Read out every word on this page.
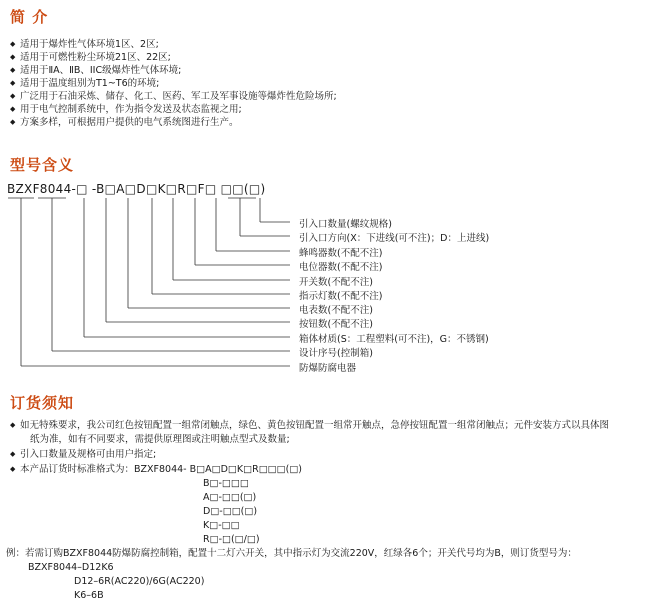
简 介
◆ 适用于爆炸性气体环境1区、2区;
◆ 适用于可燃性粉尘环境21区、22区;
◆ 适用于ⅡA、ⅡB、IIC级爆炸性气体环境;
◆ 适用于温度组别为T1~T6的环境;
◆ 广泛用于石油采炼、储存、化工、医药、军工及军事设施等爆炸性危险场所;
◆ 用于电气控制系统中，作为指令发送及状态监视之用;
◆ 方案多样，可根据用户提供的电气系统图进行生产。
型号含义
BZXF8044-□ -B□A□D□K□R□F□ □□(□)
引入口数量(螺纹规格)
引入口方向(X：下进线(可不注)；D：上进线)
蜂鸣器数(不配不注)
电位器数(不配不注)
开关数(不配不注)
指示灯数(不配不注)
电表数(不配不注)
按钮数(不配不注)
箱体材质(S：工程塑料(可不注)，G：不锈钢)
设计序号(控制箱)
防爆防腐电器
订货须知
◆ 如无特殊要求，我公司红色按钮配置一组常闭触点，绿色、黄色按钮配置一组常开触点，急停按钮配置一组常闭触点；元件安装方式以具体图
纸为准，如有不同要求，需提供原理图或注明触点型式及数量;
◆ 引入口数量及规格可由用户指定;
◆ 本产品订货时标准格式为：BZXF8044- B□A□D□K□R□□□(□)
B□-□□□
A□-□□(□)
D□-□□(□)
K□-□□
R□-□(□/□)
例：若需订购BZXF8044防爆防腐控制箱，配置十二灯六开关，其中指示灯为交流220V，红绿各6个；开关代号均为B，则订货型号为：
BZXF8044–D12K6
D12–6R(AC220)/6G(AC220)
K6–6B
